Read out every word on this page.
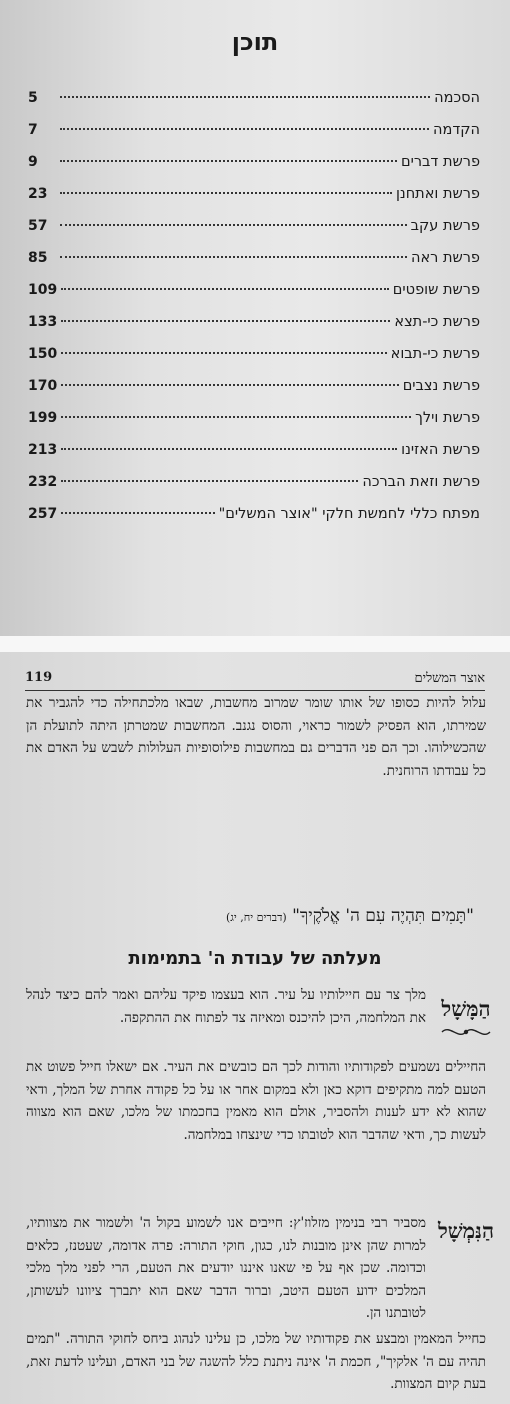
תוכן
הסכמה
5
הקדמה
7
פרשת דברים
9
פרשת ואתחנן
23
פרשת עקב
57
פרשת ראה
85
פרשת שופטים
109
פרשת כי-תצא
133
פרשת כי-תבוא
150
פרשת נצבים
170
פרשת וילך
199
פרשת האזינו
213
פרשת וזאת הברכה
232
מפתח כללי לחמשת חלקי "אוצר המשלים"
257
119	אוצר המשלים

עלול להיות כסופו של אותו שומר שמרוב מחשבות, שבאו מלכתחילה כדי להגביר את שמירתו, הוא הפסיק לשמור כראוי, והסוס נגנב. המחשבות שמטרתן היתה לתועלת הן שהכשילוהו. וכך הם פני הדברים גם במחשבות פילוסופיות העלולות לשבש על האדם את כל עבודתו הרוחנית.

"תָּמִים תִּהְיֶה עִם ה' אֱלֹקֶיךָ" (דברים יח, יג)
מעלתה של עבודת ה' בתמימות
הַמָּשָׁל

מלך צר עם חיילותיו על עיר. הוא בעצמו פיקד עליהם ואמר להם כיצד לנהל את המלחמה, היכן להיכנס ומאיזה צד לפתוח את ההתקפה.

החיילים נשמעים לפקודותיו והודות לכך הם כובשים את העיר. אם ישאלו חייל פשוט את הטעם למה מתקיפים דוקא כאן ולא במקום אחר או על כל פקודה אחרת של המלך, ודאי שהוא לא ידע לענות ולהסביר, אולם הוא מאמין בחכמתו של מלכו, שאם הוא מצווה לעשות כך, ודאי שהדבר הוא לטובתו כדי שינצחו במלחמה.

הַנִּמְשָׁל

מסביר רבי בנימין מזלוז'ץ: חייבים אנו לשמוע בקול ה' ולשמור את מצוותיו, למרות שהן אינן מובנות לנו, כגון, חוקי התורה: פרה אדומה, שעטנז, כלאים וכדומה. שכן אף על פי שאנו איננו יודעים את הטעם, הרי לפני מלך מלכי המלכים ידוע הטעם היטב, וברור הדבר שאם הוא יתברך ציוונו לעשותן, לטובתנו הן.

כחייל המאמין ומבצע את פקודותיו של מלכו, כן עלינו לנהוג ביחס לחוקי התורה. "תמים תהיה עם ה' אלקיך", חכמת ה' אינה ניתנת כלל להשגה של בני האדם, ועלינו לדעת זאת, בעת קיום המצוות.
